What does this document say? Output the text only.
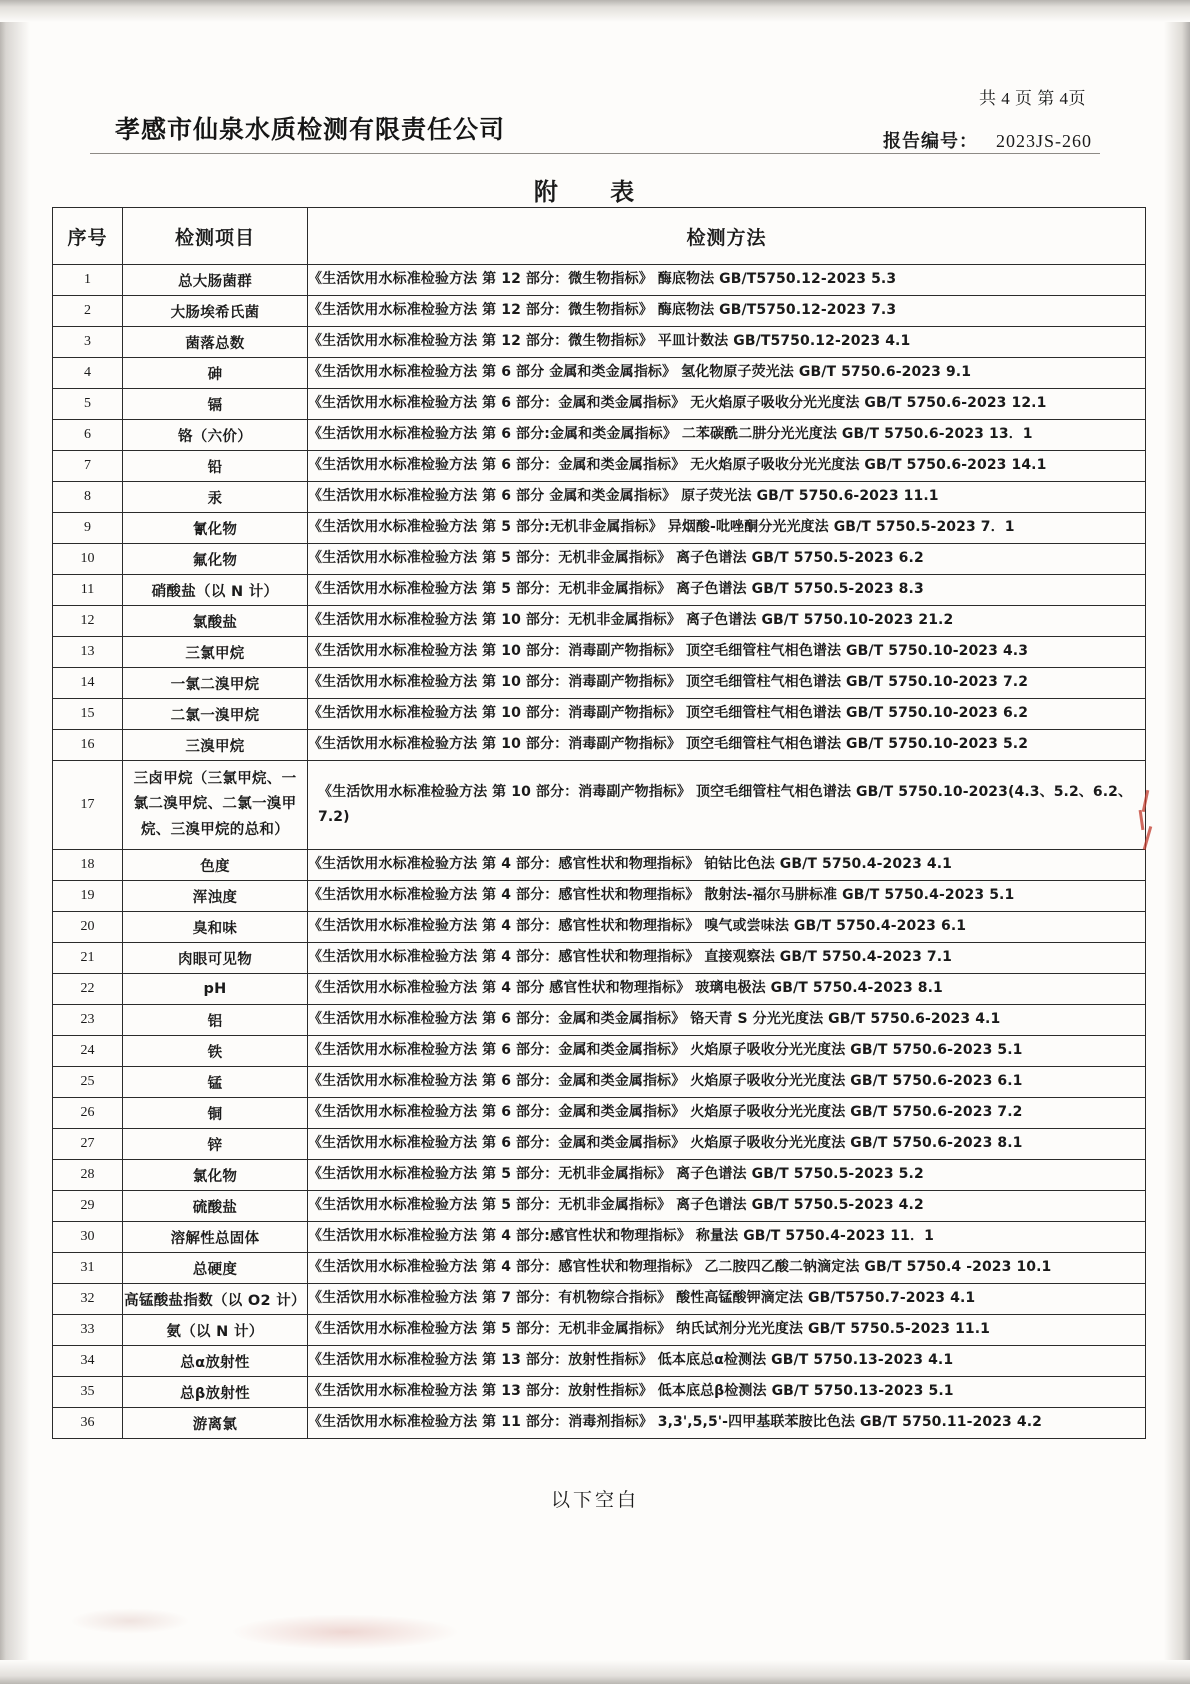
共 4 页 第 4页
孝感市仙泉水质检测有限责任公司	报告编号： 2023JS-260
附 表
序号	检测项目	检测方法
1	总大肠菌群	《生活饮用水标准检验方法 第 12 部分：微生物指标》 酶底物法 GB/T5750.12-2023 5.3
2	大肠埃希氏菌	《生活饮用水标准检验方法 第 12 部分：微生物指标》 酶底物法 GB/T5750.12-2023 7.3
3	菌落总数	《生活饮用水标准检验方法 第 12 部分：微生物指标》 平皿计数法 GB/T5750.12-2023 4.1
4	砷	《生活饮用水标准检验方法 第 6 部分 金属和类金属指标》 氢化物原子荧光法 GB/T 5750.6-2023 9.1
5	镉	《生活饮用水标准检验方法 第 6 部分：金属和类金属指标》 无火焰原子吸收分光光度法 GB/T 5750.6-2023 12.1
6	铬（六价）	《生活饮用水标准检验方法 第 6 部分:金属和类金属指标》 二苯碳酰二肼分光光度法 GB/T 5750.6-2023 13．1
7	铅	《生活饮用水标准检验方法 第 6 部分：金属和类金属指标》 无火焰原子吸收分光光度法 GB/T 5750.6-2023 14.1
8	汞	《生活饮用水标准检验方法 第 6 部分 金属和类金属指标》 原子荧光法 GB/T 5750.6-2023 11.1
9	氰化物	《生活饮用水标准检验方法 第 5 部分:无机非金属指标》 异烟酸-吡唑酮分光光度法 GB/T 5750.5-2023 7．1
10	氟化物	《生活饮用水标准检验方法 第 5 部分：无机非金属指标》 离子色谱法 GB/T 5750.5-2023 6.2
11	硝酸盐（以 N 计）	《生活饮用水标准检验方法 第 5 部分：无机非金属指标》 离子色谱法 GB/T 5750.5-2023 8.3
12	氯酸盐	《生活饮用水标准检验方法 第 10 部分：无机非金属指标》 离子色谱法 GB/T 5750.10-2023 21.2
13	三氯甲烷	《生活饮用水标准检验方法 第 10 部分：消毒副产物指标》 顶空毛细管柱气相色谱法 GB/T 5750.10-2023 4.3
14	一氯二溴甲烷	《生活饮用水标准检验方法 第 10 部分：消毒副产物指标》 顶空毛细管柱气相色谱法 GB/T 5750.10-2023 7.2
15	二氯一溴甲烷	《生活饮用水标准检验方法 第 10 部分：消毒副产物指标》 顶空毛细管柱气相色谱法 GB/T 5750.10-2023 6.2
16	三溴甲烷	《生活饮用水标准检验方法 第 10 部分：消毒副产物指标》 顶空毛细管柱气相色谱法 GB/T 5750.10-2023 5.2
17	三卤甲烷（三氯甲烷、一氯二溴甲烷、二氯一溴甲烷、三溴甲烷的总和）	《生活饮用水标准检验方法 第 10 部分：消毒副产物指标》 顶空毛细管柱气相色谱法 GB/T 5750.10-2023(4.3、5.2、6.2、7.2)
18	色度	《生活饮用水标准检验方法 第 4 部分：感官性状和物理指标》 铂钴比色法 GB/T 5750.4-2023 4.1
19	浑浊度	《生活饮用水标准检验方法 第 4 部分：感官性状和物理指标》 散射法-福尔马肼标准 GB/T 5750.4-2023 5.1
20	臭和味	《生活饮用水标准检验方法 第 4 部分：感官性状和物理指标》 嗅气或尝味法 GB/T 5750.4-2023 6.1
21	肉眼可见物	《生活饮用水标准检验方法 第 4 部分：感官性状和物理指标》 直接观察法 GB/T 5750.4-2023 7.1
22	pH	《生活饮用水标准检验方法 第 4 部分 感官性状和物理指标》 玻璃电极法 GB/T 5750.4-2023 8.1
23	铝	《生活饮用水标准检验方法 第 6 部分：金属和类金属指标》 铬天青 S 分光光度法 GB/T 5750.6-2023 4.1
24	铁	《生活饮用水标准检验方法 第 6 部分：金属和类金属指标》 火焰原子吸收分光光度法 GB/T 5750.6-2023 5.1
25	锰	《生活饮用水标准检验方法 第 6 部分：金属和类金属指标》 火焰原子吸收分光光度法 GB/T 5750.6-2023 6.1
26	铜	《生活饮用水标准检验方法 第 6 部分：金属和类金属指标》 火焰原子吸收分光光度法 GB/T 5750.6-2023 7.2
27	锌	《生活饮用水标准检验方法 第 6 部分：金属和类金属指标》 火焰原子吸收分光光度法 GB/T 5750.6-2023 8.1
28	氯化物	《生活饮用水标准检验方法 第 5 部分：无机非金属指标》 离子色谱法 GB/T 5750.5-2023 5.2
29	硫酸盐	《生活饮用水标准检验方法 第 5 部分：无机非金属指标》 离子色谱法 GB/T 5750.5-2023 4.2
30	溶解性总固体	《生活饮用水标准检验方法 第 4 部分:感官性状和物理指标》 称量法 GB/T 5750.4-2023 11．1
31	总硬度	《生活饮用水标准检验方法 第 4 部分：感官性状和物理指标》 乙二胺四乙酸二钠滴定法 GB/T 5750.4 -2023 10.1
32	高锰酸盐指数（以 O2 计）	《生活饮用水标准检验方法 第 7 部分：有机物综合指标》 酸性高锰酸钾滴定法 GB/T5750.7-2023 4.1
33	氨（以 N 计）	《生活饮用水标准检验方法 第 5 部分：无机非金属指标》 纳氏试剂分光光度法 GB/T 5750.5-2023 11.1
34	总α放射性	《生活饮用水标准检验方法 第 13 部分：放射性指标》 低本底总α检测法 GB/T 5750.13-2023 4.1
35	总β放射性	《生活饮用水标准检验方法 第 13 部分：放射性指标》 低本底总β检测法 GB/T 5750.13-2023 5.1
36	游离氯	《生活饮用水标准检验方法 第 11 部分：消毒剂指标》 3,3',5,5'-四甲基联苯胺比色法 GB/T 5750.11-2023 4.2
以下空白
